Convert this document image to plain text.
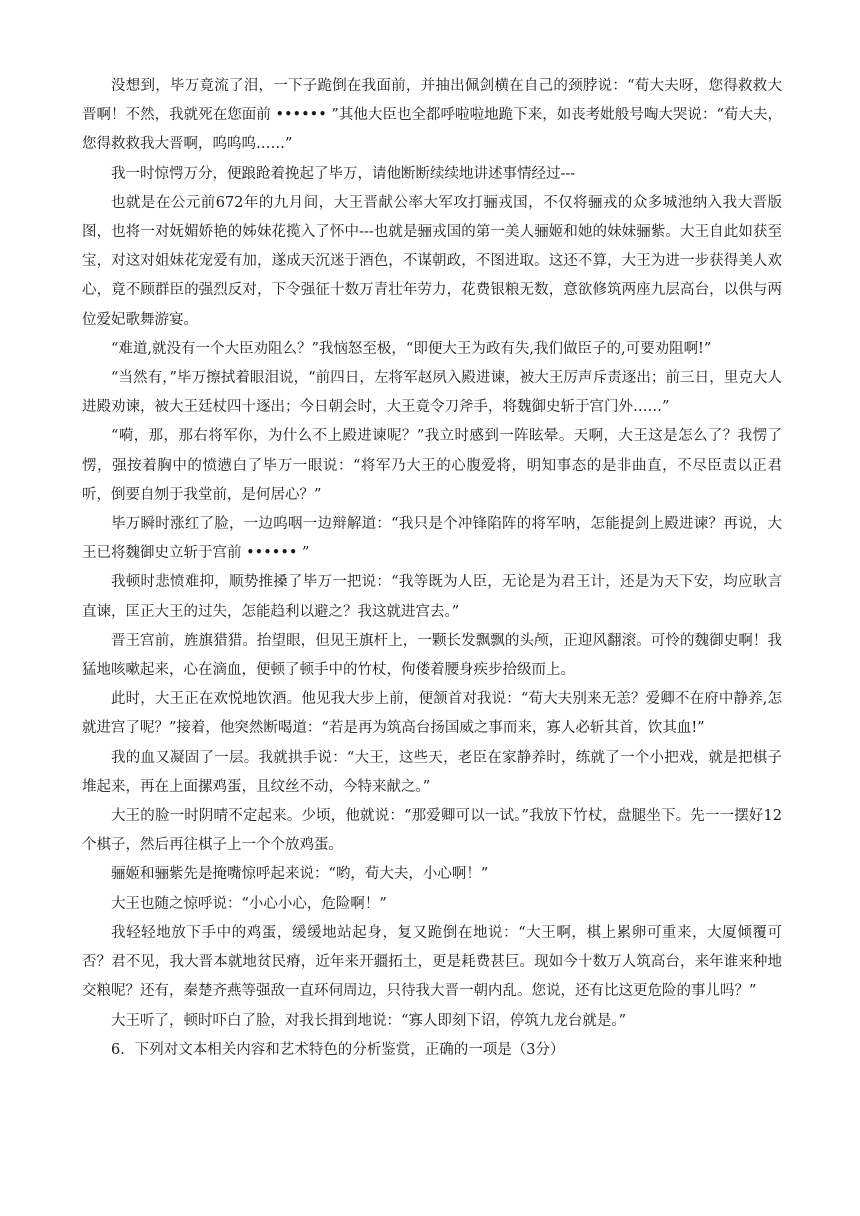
没想到，毕万竟流了泪，一下子跪倒在我面前，并抽出佩剑横在自己的颈脖说：“荀大夫呀，您得救救大晋啊！不然，我就死在您面前 •••••• ”其他大臣也全都呼啦啦地跪下来，如丧考妣般号啕大哭说：“荀大夫，您得救救我大晋啊，呜呜呜……”

我一时惊愕万分，便踉跄着挽起了毕万，请他断断续续地讲述事情经过---

也就是在公元前672年的九月间，大王晋献公率大军攻打骊戎国，不仅将骊戎的众多城池纳入我大晋版图，也将一对妩媚娇艳的姊妹花揽入了怀中---也就是骊戎国的第一美人骊姬和她的妹妹骊紫。大王自此如获至宝，对这对姐妹花宠爱有加，遂成天沉迷于酒色，不谋朝政，不图进取。这还不算，大王为进一步获得美人欢心，竟不顾群臣的强烈反对，下令强征十数万青壮年劳力，花费银粮无数，意欲修筑两座九层高台，以供与两位爱妃歌舞游宴。

“难道,就没有一个大臣劝阻么？”我恼怒至极，“即便大王为政有失,我们做臣子的,可要劝阻啊!”

“当然有，”毕万擦拭着眼泪说，“前四日，左将军赵夙入殿进谏，被大王厉声斥责逐出；前三日，里克大人进殿劝谏，被大王廷杖四十逐出；今日朝会时，大王竟令刀斧手，将魏御史斩于宫门外……”

“嗬，那，那右将军你，为什么不上殿进谏呢？”我立时感到一阵眩晕。天啊，大王这是怎么了？我愣了愣，强按着胸中的愤懑白了毕万一眼说：“将军乃大王的心腹爱将，明知事态的是非曲直，不尽臣责以正君听，倒要自刎于我堂前，是何居心？”

毕万瞬时涨红了脸，一边呜咽一边辩解道：“我只是个冲锋陷阵的将军呐，怎能提剑上殿进谏？再说，大王已将魏御史立斩于宫前 •••••• ”

我顿时悲愤难抑，顺势推搡了毕万一把说：“我等既为人臣，无论是为君王计，还是为天下安，均应耿言直谏，匡正大王的过失，怎能趋利以避之？我这就进宫去。”

晋王宫前，旌旗猎猎。抬望眼，但见王旗杆上，一颗长发飘飘的头颅，正迎风翻滚。可怜的魏御史啊！我猛地咳嗽起来，心在滴血，便顿了顿手中的竹杖，佝偻着腰身疾步拾级而上。

此时，大王正在欢悦地饮酒。他见我大步上前，便颔首对我说：“荀大夫别来无恙？爱卿不在府中静养,怎就进宫了呢？”接着，他突然断喝道：“若是再为筑高台扬国威之事而来，寡人必斩其首，饮其血!”

我的血又凝固了一层。我就拱手说：“大王，这些天，老臣在家静养时，练就了一个小把戏，就是把棋子堆起来，再在上面摞鸡蛋，且纹丝不动，今特来献之。”

大王的脸一时阴晴不定起来。少顷，他就说：“那爱卿可以一试。”我放下竹杖，盘腿坐下。先一一摆好12个棋子，然后再往棋子上一个个放鸡蛋。

骊姬和骊紫先是掩嘴惊呼起来说：“哟，荀大夫，小心啊！”

大王也随之惊呼说：“小心小心，危险啊！”

我轻轻地放下手中的鸡蛋，缓缓地站起身，复又跪倒在地说：“大王啊，棋上累卵可重来，大厦倾覆可否？君不见，我大晋本就地贫民瘠，近年来开疆拓土，更是耗费甚巨。现如今十数万人筑高台，来年谁来种地交粮呢？还有，秦楚齐燕等强敌一直环伺周边，只待我大晋一朝内乱。您说，还有比这更危险的事儿吗？”

大王听了，顿时吓白了脸，对我长揖到地说：“寡人即刻下诏，停筑九龙台就是。”

6．下列对文本相关内容和艺术特色的分析鉴赏，正确的一项是（3分）
